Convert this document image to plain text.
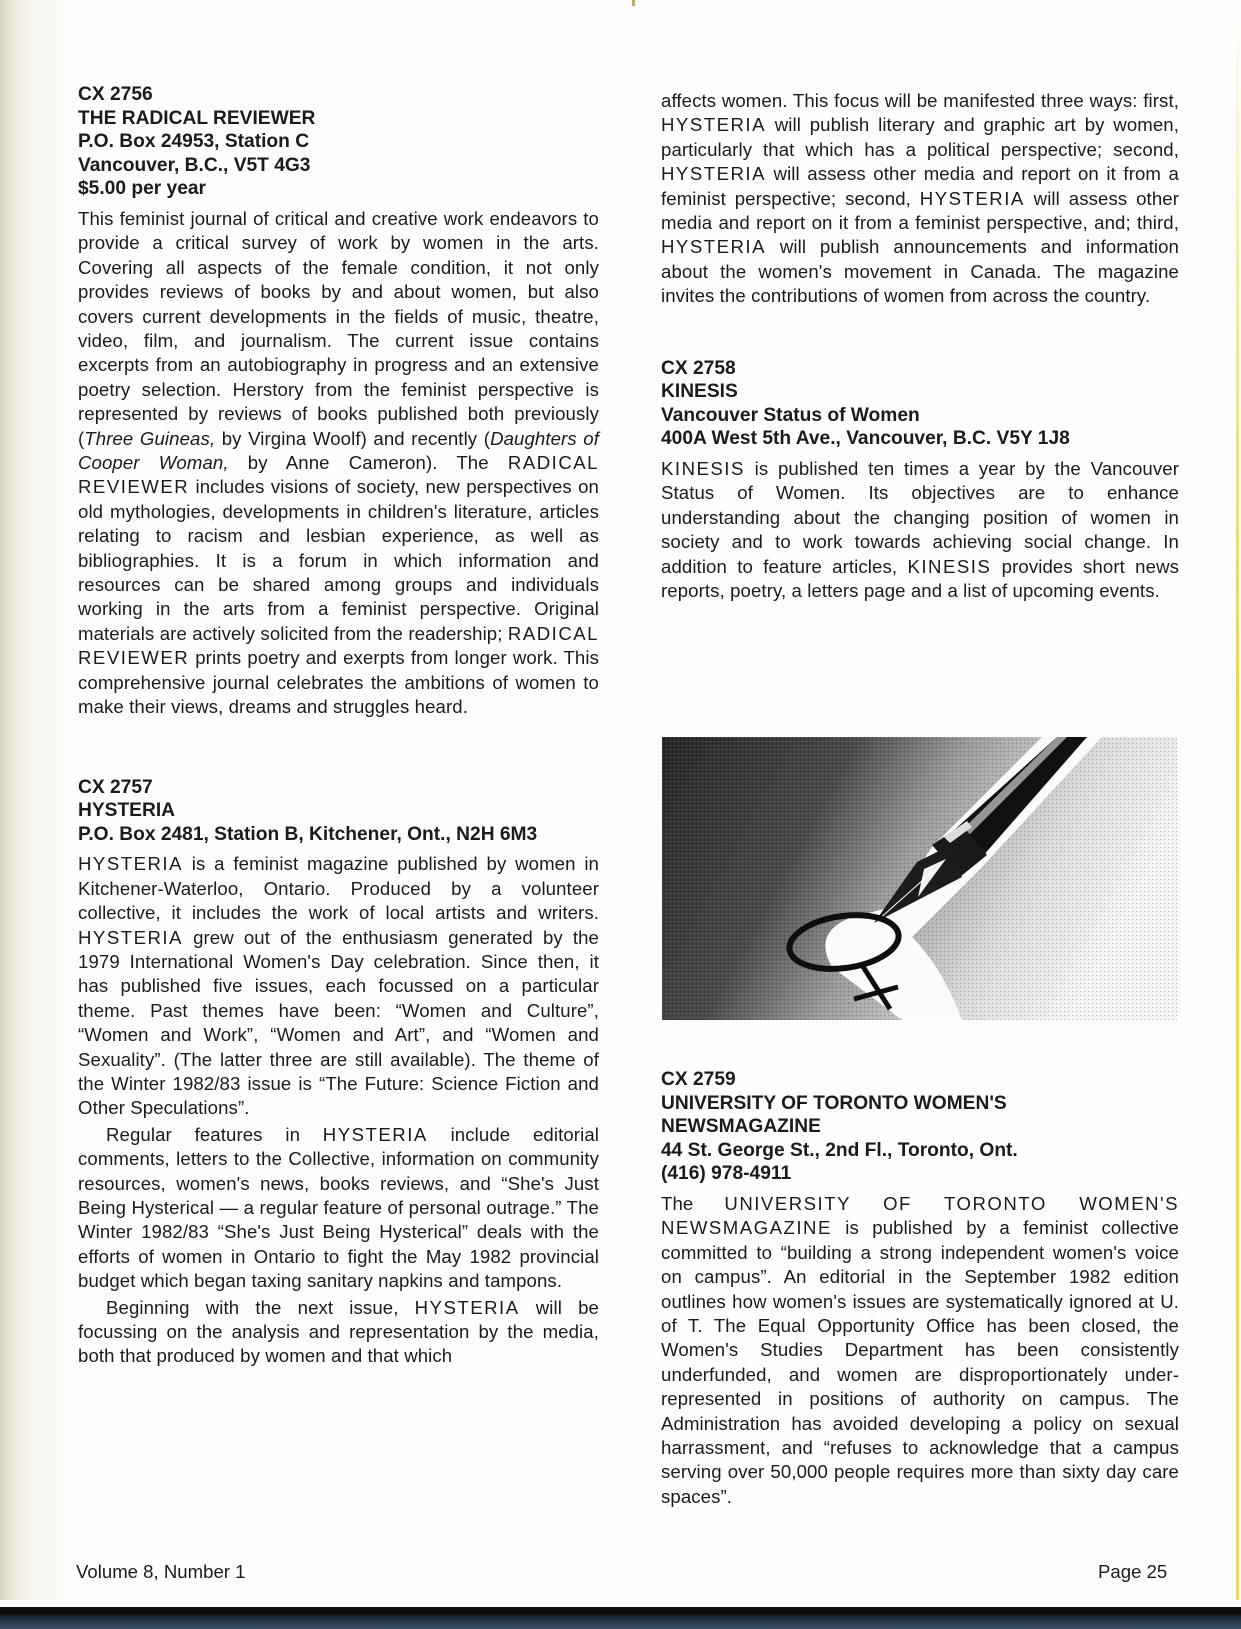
CX 2756
THE RADICAL REVIEWER
P.O. Box 24953, Station C
Vancouver, B.C., V5T 4G3
$5.00 per year

This feminist journal of critical and creative work endeavors to provide a critical survey of work by women in the arts. Covering all aspects of the female condition, it not only provides reviews of books by and about women, but also covers current developments in the fields of music, theatre, video, film, and journalism. The current issue contains excerpts from an autobiography in progress and an extensive poetry selection. Herstory from the feminist perspective is represented by reviews of books published both previously (Three Guineas, by Virgina Woolf) and recently (Daughters of Cooper Woman, by Anne Cameron). The RADICAL REVIEWER includes visions of society, new perspectives on old mythologies, developments in children's literature, articles relating to racism and lesbian experience, as well as bibliographies. It is a forum in which information and resources can be shared among groups and individuals working in the arts from a feminist perspective. Original materials are actively solicited from the readership; RADICAL REVIEWER prints poetry and exerpts from longer work. This comprehensive journal celebrates the ambitions of women to make their views, dreams and struggles heard.

CX 2757
HYSTERIA
P.O. Box 2481, Station B, Kitchener, Ont., N2H 6M3

HYSTERIA is a feminist magazine published by women in Kitchener-Waterloo, Ontario. Produced by a volunteer collective, it includes the work of local artists and writers. HYSTERIA grew out of the enthusiasm generated by the 1979 International Women's Day celebration. Since then, it has published five issues, each focussed on a particular theme. Past themes have been: “Women and Culture”, “Women and Work”, “Women and Art”, and “Women and Sexuality”. (The latter three are still available). The theme of the Winter 1982/83 issue is “The Future: Science Fiction and Other Speculations”.

Regular features in HYSTERIA include editorial comments, letters to the Collective, information on community resources, women's news, books reviews, and “She's Just Being Hysterical — a regular feature of personal outrage.” The Winter 1982/83 “She's Just Being Hysterical” deals with the efforts of women in Ontario to fight the May 1982 provincial budget which began taxing sanitary napkins and tampons.

Beginning with the next issue, HYSTERIA will be focussing on the analysis and representation by the media, both that produced by women and that which

affects women. This focus will be manifested three ways: first, HYSTERIA will publish literary and graphic art by women, particularly that which has a political perspective; second, HYSTERIA will assess other media and report on it from a feminist perspective; second, HYSTERIA will assess other media and report on it from a feminist perspective, and; third, HYSTERIA will publish announcements and information about the women's movement in Canada. The magazine invites the contributions of women from across the country.

CX 2758
KINESIS
Vancouver Status of Women
400A West 5th Ave., Vancouver, B.C. V5Y 1J8

KINESIS is published ten times a year by the Vancouver Status of Women. Its objectives are to enhance understanding about the changing position of women in society and to work towards achieving social change. In addition to feature articles, KINESIS provides short news reports, poetry, a letters page and a list of upcoming events.

CX 2759
UNIVERSITY OF TORONTO WOMEN'S
NEWSMAGAZINE
44 St. George St., 2nd Fl., Toronto, Ont.
(416) 978-4911

The UNIVERSITY OF TORONTO WOMEN'S NEWSMAGAZINE is published by a feminist collective committed to “building a strong independent women's voice on campus”. An editorial in the September 1982 edition outlines how women's issues are systematically ignored at U. of T. The Equal Opportunity Office has been closed, the Women's Studies Department has been consistently underfunded, and women are disproportionately under-represented in positions of authority on campus. The Administration has avoided developing a policy on sexual harrassment, and “refuses to acknowledge that a campus serving over 50,000 people requires more than sixty day care spaces”.

Volume 8, Number 1	Page 25
